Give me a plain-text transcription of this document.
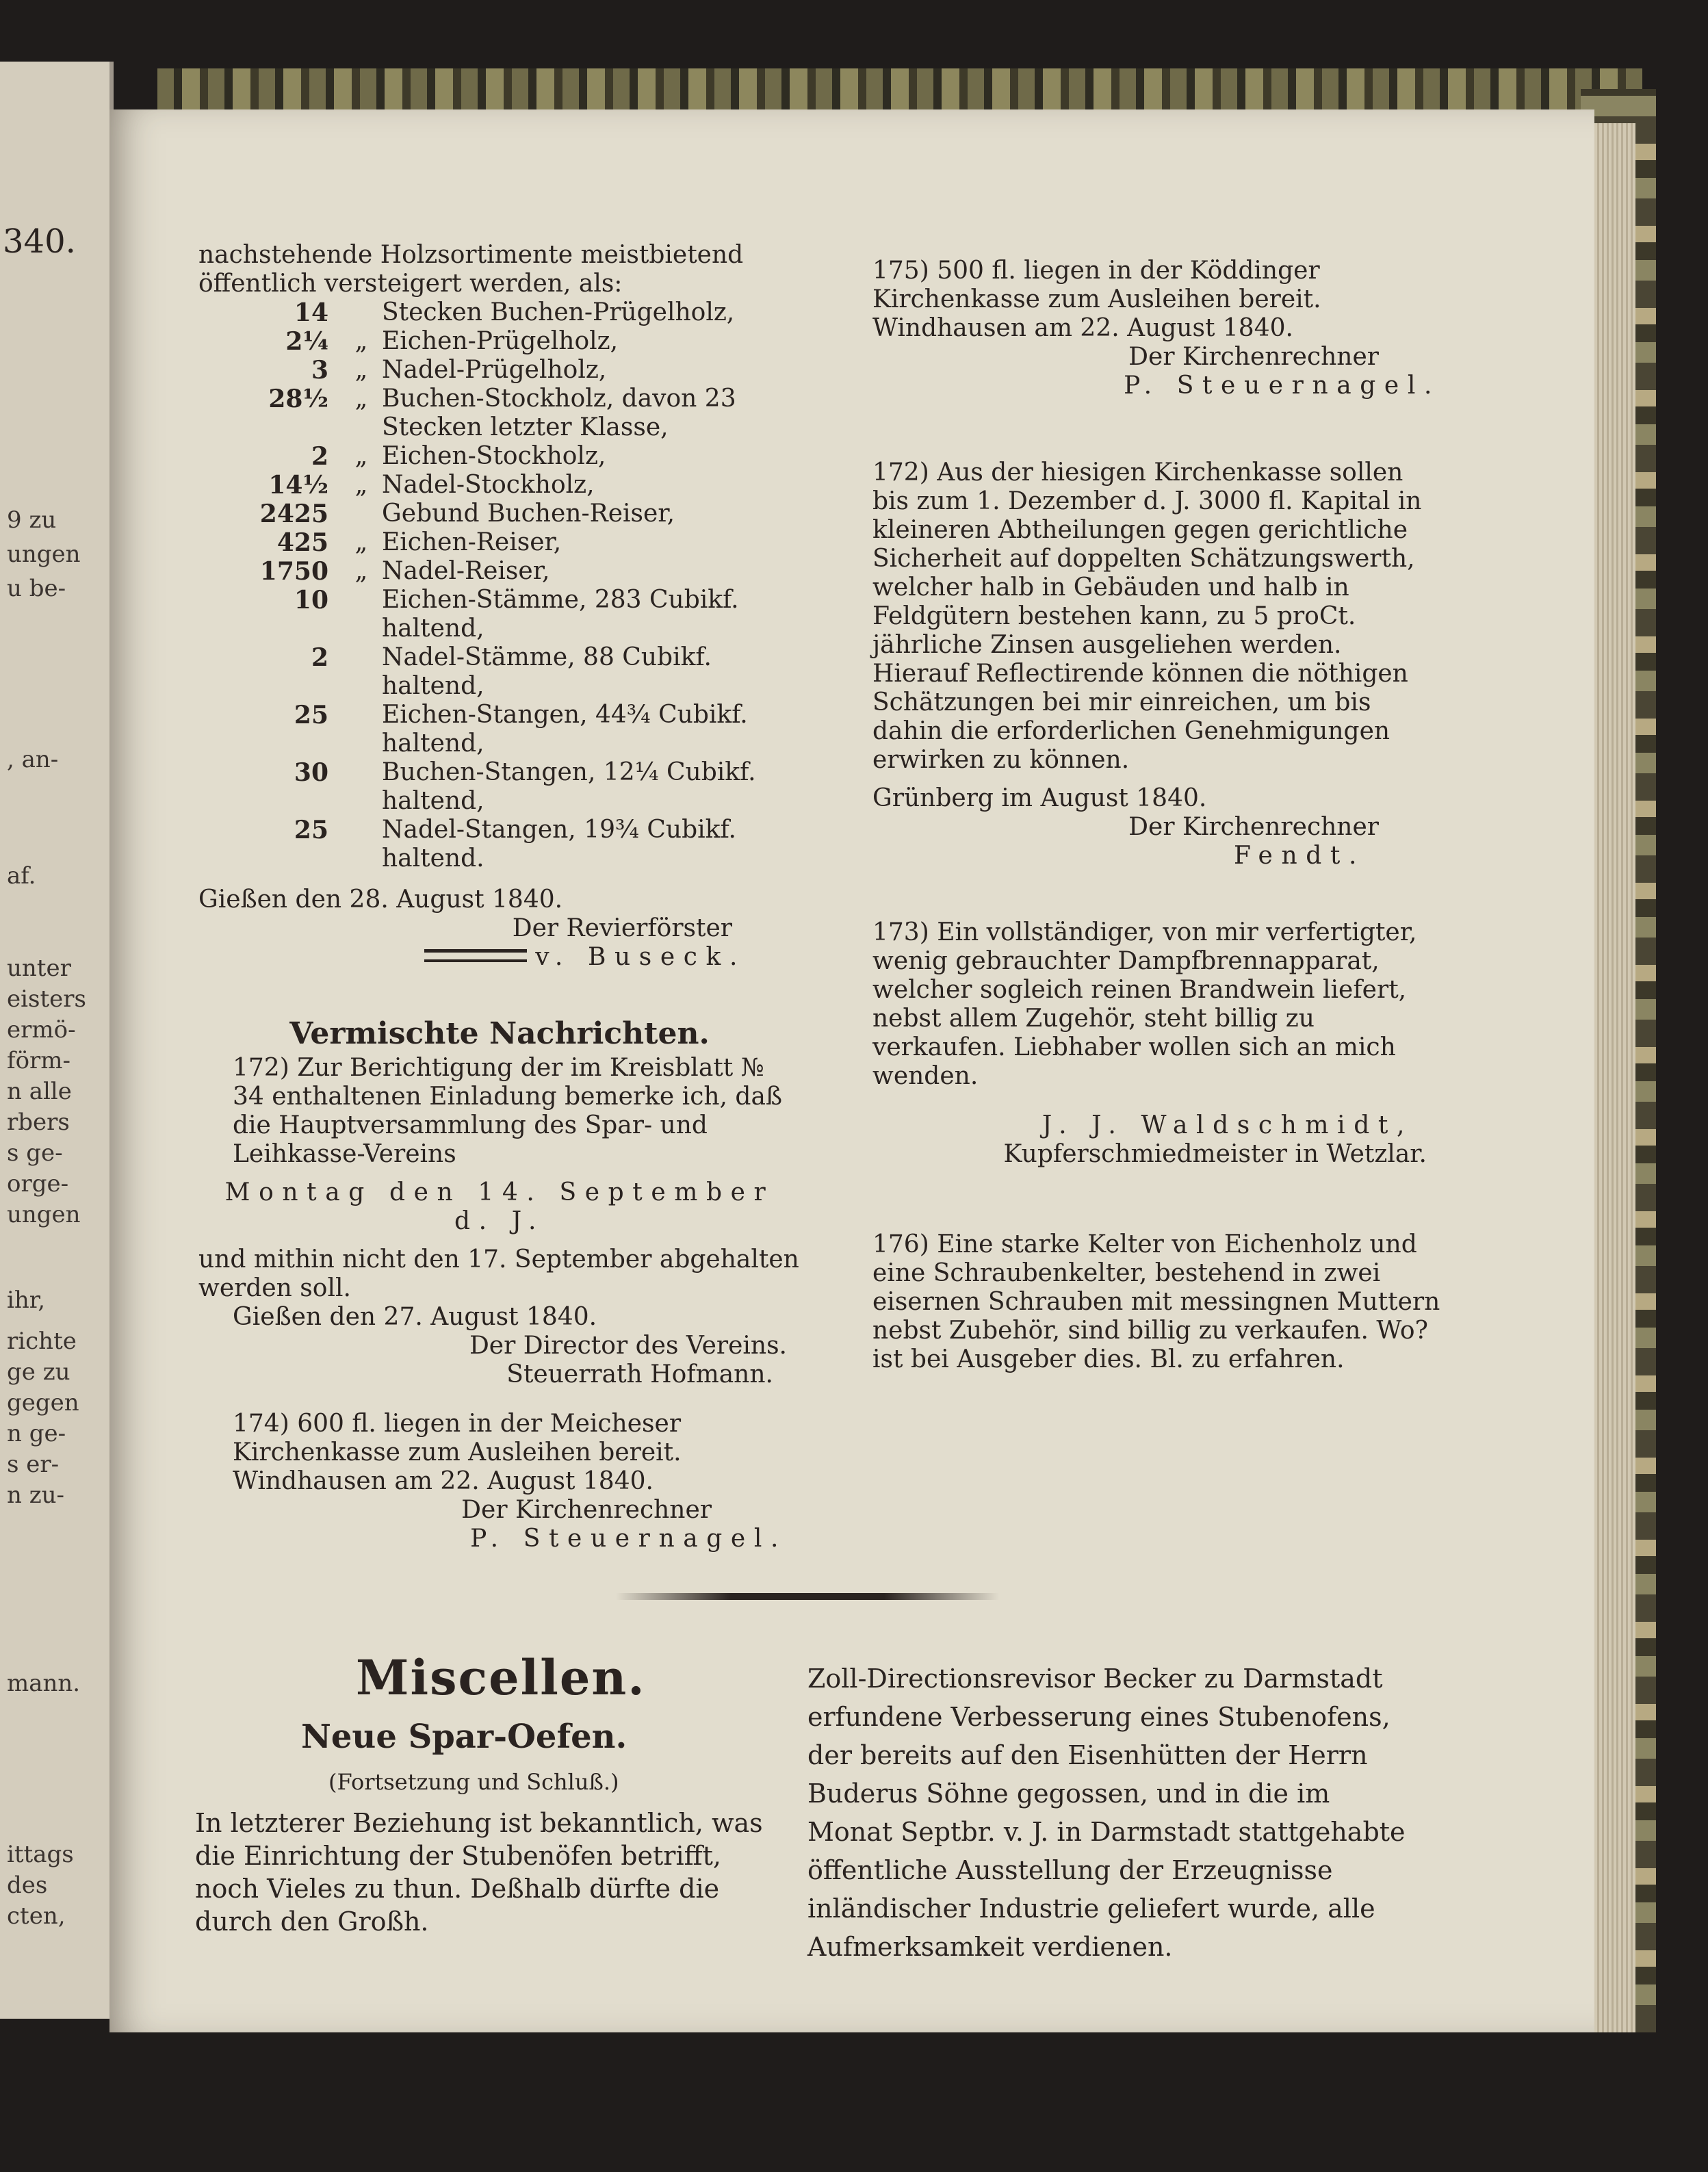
340.
9 zu
ungen
u be-
, an-
af.
unter
eisters
ermö-
förm-
n alle
rbers
s ge-
orge-
ungen
ihr,
richte
ge zu
gegen
n ge-
s er-
n zu-
mann.
ittags
des
cten,

nachstehende Holzsortimente meistbietend öffentlich versteigert werden, als:

14		Stecken Buchen-Prügelholz,
2¼	„	Eichen-Prügelholz,
3	„	Nadel-Prügelholz,
28½	„	Buchen-Stockholz, davon 23 Stecken letzter Klasse,
2	„	Eichen-Stockholz,
14½	„	Nadel-Stockholz,
2425		Gebund Buchen-Reiser,
425	„	Eichen-Reiser,
1750	„	Nadel-Reiser,
10		Eichen-Stämme, 283 Cubikf. haltend,
2		Nadel-Stämme, 88 Cubikf. haltend,
25		Eichen-Stangen, 44¾ Cubikf. haltend,
30		Buchen-Stangen, 12¼ Cubikf. haltend,
25		Nadel-Stangen, 19¾ Cubikf. haltend.

Gießen den 28. August 1840.

Der Revierförster

v. Buseck.

Vermischte Nachrichten.

172) Zur Berichtigung der im Kreisblatt № 34 enthaltenen Einladung bemerke ich, daß die Hauptversammlung des Spar- und Leihkasse-Vereins

Montag den 14. September d. J.

und mithin nicht den 17. September abgehalten werden soll.

Gießen den 27. August 1840.

Der Director des Vereins.

Steuerrath Hofmann.

174) 600 fl. liegen in der Meicheser Kirchenkasse zum Ausleihen bereit.

Windhausen am 22. August 1840.

Der Kirchenrechner

P. Steuernagel.

175) 500 fl. liegen in der Köddinger Kirchenkasse zum Ausleihen bereit.

Windhausen am 22. August 1840.

Der Kirchenrechner

P. Steuernagel.

172) Aus der hiesigen Kirchenkasse sollen bis zum 1. Dezember d. J. 3000 fl. Kapital in kleineren Abtheilungen gegen gerichtliche Sicherheit auf doppelten Schätzungswerth, welcher halb in Gebäuden und halb in Feldgütern bestehen kann, zu 5 proCt. jährliche Zinsen ausgeliehen werden. Hierauf Reflectirende können die nöthigen Schätzungen bei mir einreichen, um bis dahin die erforderlichen Genehmigungen erwirken zu können.

Grünberg im August 1840.

Der Kirchenrechner

Fendt.

173) Ein vollständiger, von mir verfertigter, wenig gebrauchter Dampfbrennapparat, welcher sogleich reinen Brandwein liefert, nebst allem Zugehör, steht billig zu verkaufen. Liebhaber wollen sich an mich wenden.

J. J. Waldschmidt,

Kupferschmiedmeister in Wetzlar.

176) Eine starke Kelter von Eichenholz und eine Schraubenkelter, bestehend in zwei eisernen Schrauben mit messingnen Muttern nebst Zubehör, sind billig zu verkaufen. Wo? ist bei Ausgeber dies. Bl. zu erfahren.

Miscellen.
Neue Spar-Oefen.
(Fortsetzung und Schluß.)

In letzterer Beziehung ist bekanntlich, was die Einrichtung der Stubenöfen betrifft, noch Vieles zu thun. Deßhalb dürfte die durch den Großh.

Zoll-Directionsrevisor Becker zu Darmstadt erfundene Verbesserung eines Stubenofens, der bereits auf den Eisenhütten der Herrn Buderus Söhne gegossen, und in die im Monat Septbr. v. J. in Darmstadt stattgehabte öffentliche Ausstellung der Erzeugnisse inländischer Industrie geliefert wurde, alle Aufmerksamkeit verdienen.
